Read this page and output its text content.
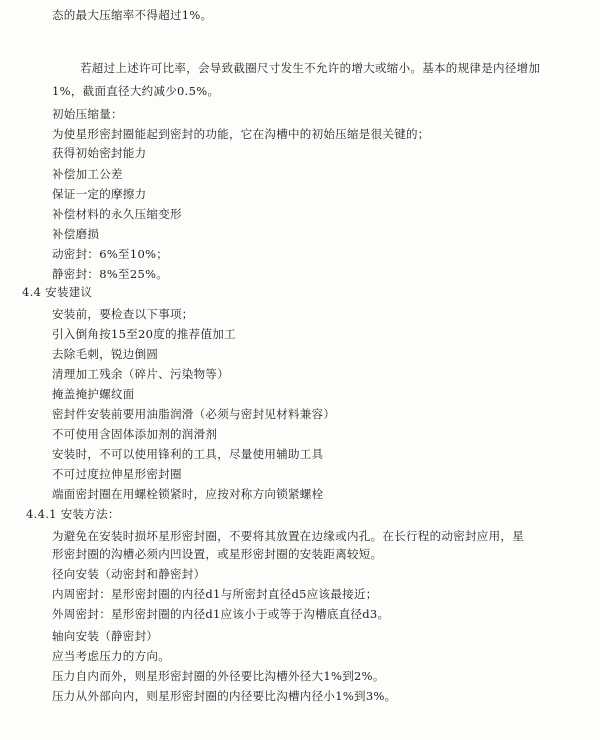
态的最大压缩率不得超过1%。
若超过上述许可比率，会导致截圈尺寸发生不允许的增大或缩小。基本的规律是内径增加
1%，截面直径大约减少0.5%。
初始压缩量：
为使星形密封圈能起到密封的功能，它在沟槽中的初始压缩是很关键的；
获得初始密封能力
补偿加工公差
保证一定的摩擦力
补偿材料的永久压缩变形
补偿磨损
动密封：6%至10%；
静密封：8%至25%。
4.4 安装建议
安装前，要检查以下事项；
引入倒角按15至20度的推荐值加工
去除毛刺，锐边倒圆
清理加工残余（碎片、污染物等）
掩盖掩护螺纹面
密封件安装前要用油脂润滑（必须与密封见材料兼容）
不可使用含固体添加剂的润滑剂
安装时，不可以使用锋利的工具，尽量使用辅助工具
不可过度拉伸星形密封圈
端面密封圈在用螺栓锁紧时，应按对称方向锁紧螺栓
4.4.1 安装方法：
为避免在安装时损坏星形密封圈，不要将其放置在边缘或内孔。在长行程的动密封应用，星
形密封圈的沟槽必须内凹设置，或星形密封圈的安装距离较短。
径向安装（动密封和静密封）
内周密封：星形密封圈的内径d1与所密封直径d5应该最接近；
外周密封：星形密封圈的内径d1应该小于或等于沟槽底直径d3。
轴向安装（静密封）
应当考虑压力的方向。
压力自内而外，则星形密封圈的外径要比沟槽外径大1%到2%。
压力从外部向内，则星形密封圈的内径要比沟槽内径小1%到3%。
